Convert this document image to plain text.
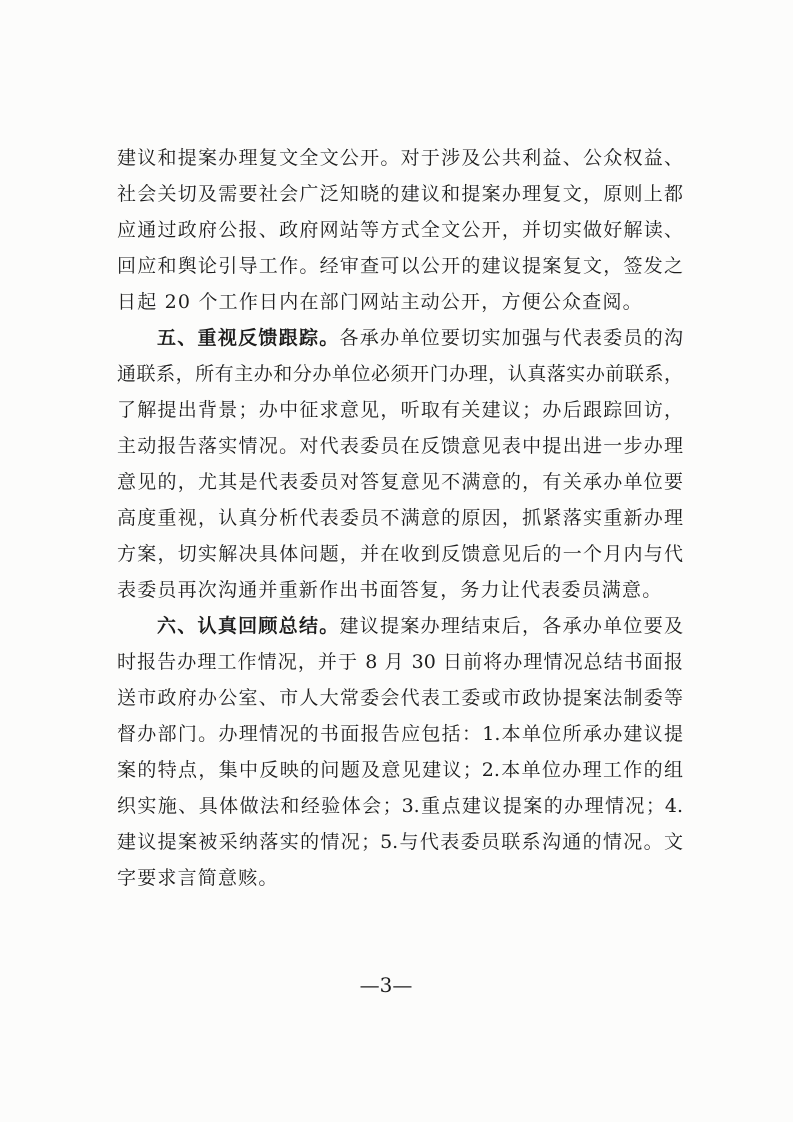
建议和提案办理复文全文公开。对于涉及公共利益、公众权益、
社会关切及需要社会广泛知晓的建议和提案办理复文，原则上都
应通过政府公报、政府网站等方式全文公开，并切实做好解读、
回应和舆论引导工作。经审查可以公开的建议提案复文，签发之
日起 20 个工作日内在部门网站主动公开，方便公众查阅。
五、重视反馈跟踪。各承办单位要切实加强与代表委员的沟
通联系，所有主办和分办单位必须开门办理，认真落实办前联系，
了解提出背景；办中征求意见，听取有关建议；办后跟踪回访，
主动报告落实情况。对代表委员在反馈意见表中提出进一步办理
意见的，尤其是代表委员对答复意见不满意的，有关承办单位要
高度重视，认真分析代表委员不满意的原因，抓紧落实重新办理
方案，切实解决具体问题，并在收到反馈意见后的一个月内与代
表委员再次沟通并重新作出书面答复，务力让代表委员满意。
六、认真回顾总结。建议提案办理结束后，各承办单位要及
时报告办理工作情况，并于 8 月 30 日前将办理情况总结书面报
送市政府办公室、市人大常委会代表工委或市政协提案法制委等
督办部门。办理情况的书面报告应包括：1.本单位所承办建议提
案的特点，集中反映的问题及意见建议；2.本单位办理工作的组
织实施、具体做法和经验体会；3.重点建议提案的办理情况；4.
建议提案被采纳落实的情况；5.与代表委员联系沟通的情况。文
字要求言简意赅。
—3—
